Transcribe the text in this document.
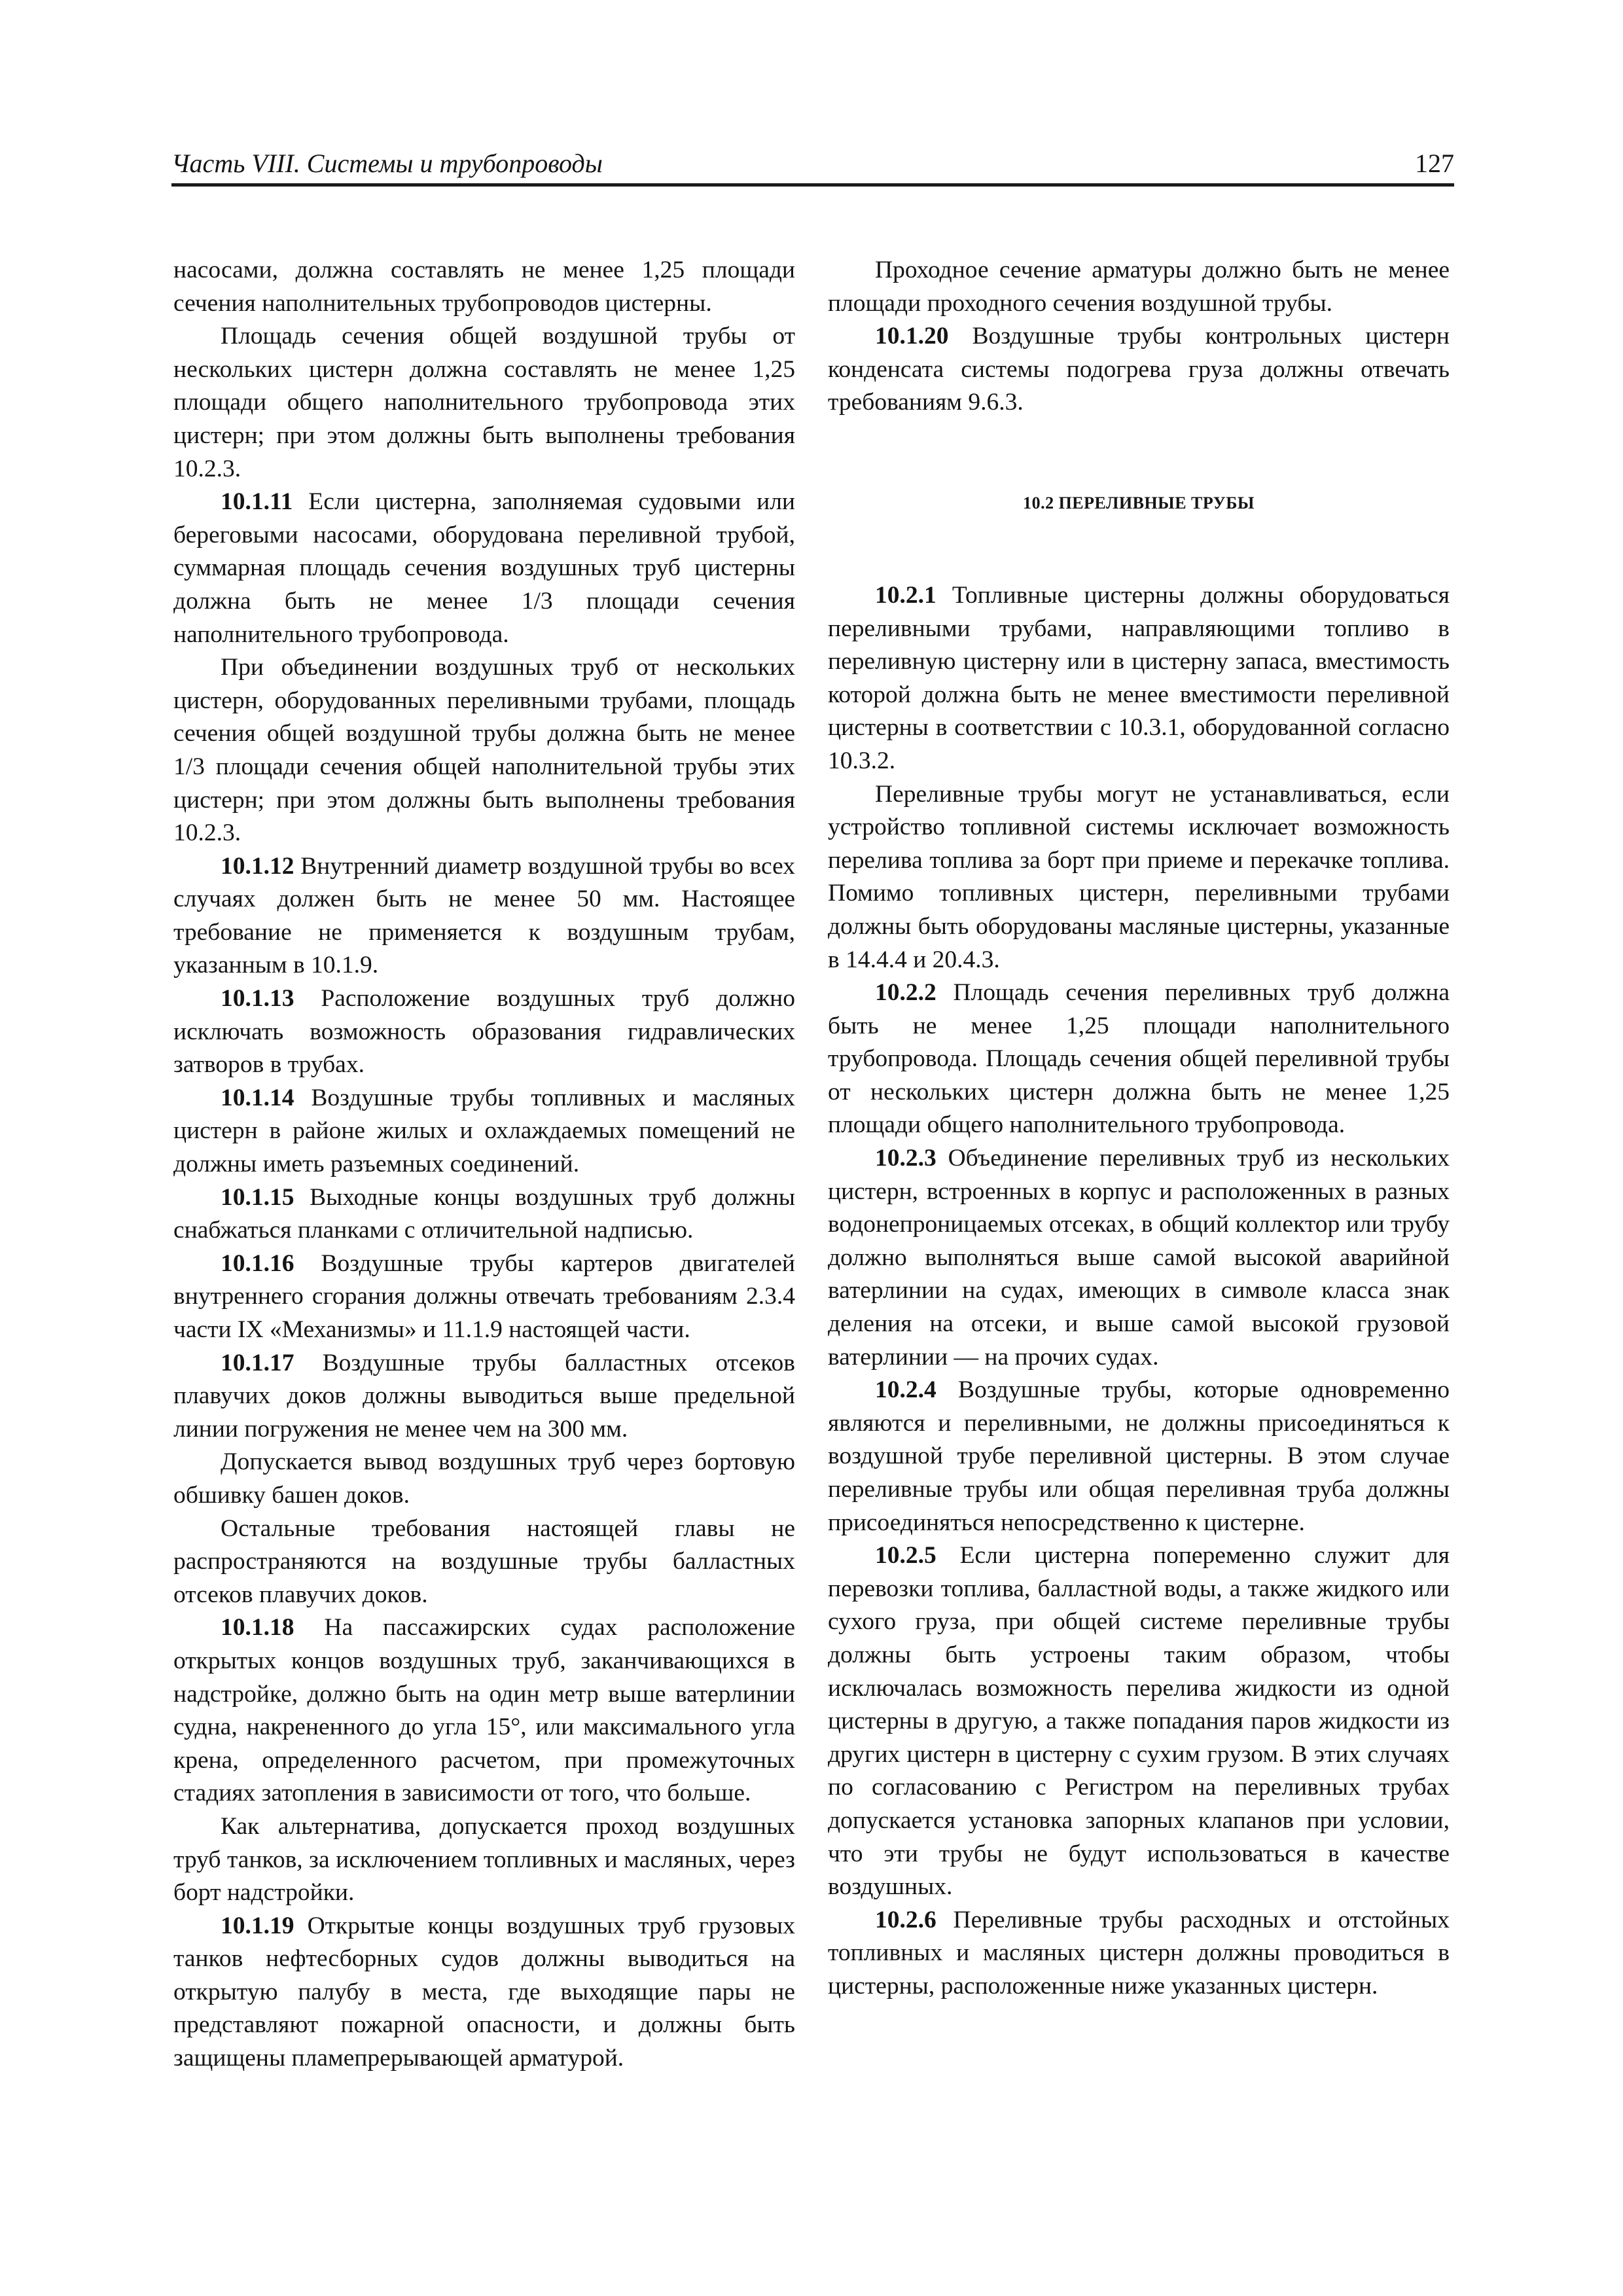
Часть VIII. Системы и трубопроводы	127

насосами, должна составлять не менее 1,25 площади сечения наполнительных трубопроводов цистерны.

Площадь сечения общей воздушной трубы от нескольких цистерн должна составлять не менее 1,25 площади общего наполнительного трубопровода этих цистерн; при этом должны быть выполнены требования 10.2.3.

10.1.11 Если цистерна, заполняемая судовыми или береговыми насосами, оборудована переливной трубой, суммарная площадь сечения воздушных труб цистерны должна быть не менее 1/3 площади сечения наполнительного трубопровода.

При объединении воздушных труб от нескольких цистерн, оборудованных переливными трубами, площадь сечения общей воздушной трубы должна быть не менее 1/3 площади сечения общей наполнительной трубы этих цистерн; при этом должны быть выполнены требования 10.2.3.

10.1.12 Внутренний диаметр воздушной трубы во всех случаях должен быть не менее 50 мм. Настоящее требование не применяется к воздушным трубам, указанным в 10.1.9.

10.1.13 Расположение воздушных труб должно исключать возможность образования гидравлических затворов в трубах.

10.1.14 Воздушные трубы топливных и масляных цистерн в районе жилых и охлаждаемых помещений не должны иметь разъемных соединений.

10.1.15 Выходные концы воздушных труб должны снабжаться планками с отличительной надписью.

10.1.16 Воздушные трубы картеров двигателей внутреннего сгорания должны отвечать требованиям 2.3.4 части IX «Механизмы» и 11.1.9 настоящей части.

10.1.17 Воздушные трубы балластных отсеков плавучих доков должны выводиться выше предельной линии погружения не менее чем на 300 мм.

Допускается вывод воздушных труб через бортовую обшивку башен доков.

Остальные требования настоящей главы не распространяются на воздушные трубы балластных отсеков плавучих доков.

10.1.18 На пассажирских судах расположение открытых концов воздушных труб, заканчивающихся в надстройке, должно быть на один метр выше ватерлинии судна, накрененного до угла 15°, или максимального угла крена, определенного расчетом, при промежуточных стадиях затопления в зависимости от того, что больше.

Как альтернатива, допускается проход воздушных труб танков, за исключением топливных и масляных, через борт надстройки.

10.1.19 Открытые концы воздушных труб грузовых танков нефтесборных судов должны выводиться на открытую палубу в места, где выходящие пары не представляют пожарной опасности, и должны быть защищены пламепрерывающей арматурой.

Проходное сечение арматуры должно быть не менее площади проходного сечения воздушной трубы.

10.1.20 Воздушные трубы контрольных цистерн конденсата системы подогрева груза должны отвечать требованиям 9.6.3.

10.2 ПЕРЕЛИВНЫЕ ТРУБЫ

10.2.1 Топливные цистерны должны оборудоваться переливными трубами, направляющими топливо в переливную цистерну или в цистерну запаса, вместимость которой должна быть не менее вместимости переливной цистерны в соответствии с 10.3.1, оборудованной согласно 10.3.2.

Переливные трубы могут не устанавливаться, если устройство топливной системы исключает возможность перелива топлива за борт при приеме и перекачке топлива. Помимо топливных цистерн, переливными трубами должны быть оборудованы масляные цистерны, указанные в 14.4.4 и 20.4.3.

10.2.2 Площадь сечения переливных труб должна быть не менее 1,25 площади наполнительного трубопровода. Площадь сечения общей переливной трубы от нескольких цистерн должна быть не менее 1,25 площади общего наполнительного трубопровода.

10.2.3 Объединение переливных труб из нескольких цистерн, встроенных в корпус и расположенных в разных водонепроницаемых отсеках, в общий коллектор или трубу должно выполняться выше самой высокой аварийной ватерлинии на судах, имеющих в символе класса знак деления на отсеки, и выше самой высокой грузовой ватерлинии — на прочих судах.

10.2.4 Воздушные трубы, которые одновременно являются и переливными, не должны присоединяться к воздушной трубе переливной цистерны. В этом случае переливные трубы или общая переливная труба должны присоединяться непосредственно к цистерне.

10.2.5 Если цистерна попеременно служит для перевозки топлива, балластной воды, а также жидкого или сухого груза, при общей системе переливные трубы должны быть устроены таким образом, чтобы исключалась возможность перелива жидкости из одной цистерны в другую, а также попадания паров жидкости из других цистерн в цистерну с сухим грузом. В этих случаях по согласованию с Регистром на переливных трубах допускается установка запорных клапанов при условии, что эти трубы не будут использоваться в качестве воздушных.

10.2.6 Переливные трубы расходных и отстойных топливных и масляных цистерн должны проводиться в цистерны, расположенные ниже указанных цистерн.
